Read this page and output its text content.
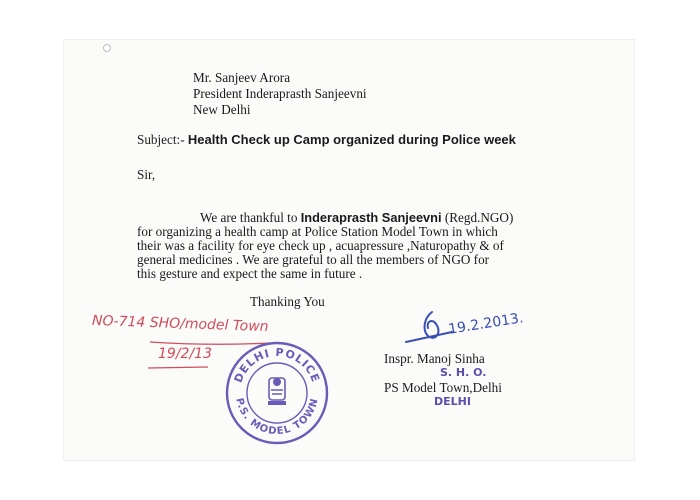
Mr. Sanjeev Arora
President Inderaprasth Sanjeevni
New Delhi
Subject:- Health Check up Camp organized during Police week
Sir,
We are thankful to Inderaprasth Sanjeevni (Regd.NGO)
for organizing a health camp at Police Station Model Town in which
their was a facility for eye check up , acuapressure ,Naturopathy & of
general medicines . We are grateful to all the members of NGO for
this gesture and expect the same in future .
Thanking You
NO-714 SHO/model Town
19/2/13
DELHI POLICE
P.S. MODEL TOWN
19.2.2013.
Inspr. Manoj Sinha
S. H. O.
PS Model Town,Delhi
DELHI
